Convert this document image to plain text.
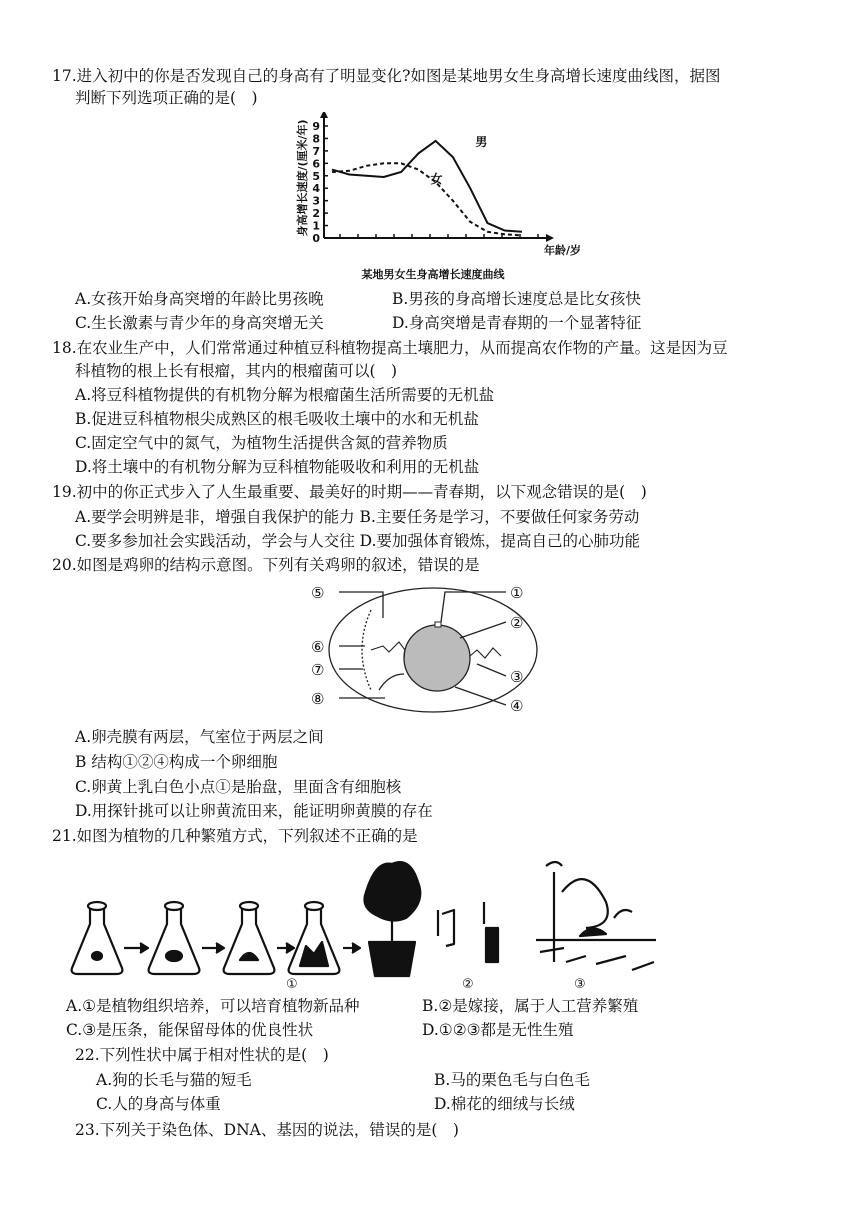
17.进入初中的你是否发现自己的身高有了明显变化?如图是某地男女生身高增长速度曲线图，据图
判断下列选项正确的是(　)
0
1
2
3
4
5
6
7
8
9
身高增长速度/(厘米/年)
年龄/岁
某地男女生身高增长速度曲线
男
女
A.女孩开始身高突增的年龄比男孩晚	B.男孩的身高增长速度总是比女孩快
C.生长激素与青少年的身高突增无关	D.身高突增是青春期的一个显著特征
18.在农业生产中，人们常常通过种植豆科植物提高土壤肥力，从而提高农作物的产量。这是因为豆
科植物的根上长有根瘤，其内的根瘤菌可以(　)
A.将豆科植物提供的有机物分解为根瘤菌生活所需要的无机盐
B.促进豆科植物根尖成熟区的根毛吸收土壤中的水和无机盐
C.固定空气中的氮气，为植物生活提供含氮的营养物质
D.将土壤中的有机物分解为豆科植物能吸收和利用的无机盐
19.初中的你正式步入了人生最重要、最美好的时期——青春期，以下观念错误的是(　)
A.要学会明辨是非，增强自我保护的能力 B.主要任务是学习，不要做任何家务劳动
C.要多参加社会实践活动，学会与人交往 D.要加强体育锻炼，提高自己的心肺功能
20.如图是鸡卵的结构示意图。下列有关鸡卵的叙述，错误的是
⑤	①
②
⑥
⑦	③
⑧	④
A.卵壳膜有两层，气室位于两层之间
B 结构①②④构成一个卵细胞
C.卵黄上乳白色小点①是胎盘，里面含有细胞核
D.用探针挑可以让卵黄流田来，能证明卵黄膜的存在
21.如图为植物的几种繁殖方式，下列叙述不正确的是
①	②	③
A.①是植物组织培养，可以培育植物新品种	B.②是嫁接，属于人工营养繁殖
C.③是压条，能保留母体的优良性状	D.①②③都是无性生殖
22.下列性状中属于相对性状的是(　)
A.狗的长毛与猫的短毛	B.马的栗色毛与白色毛
C.人的身高与体重	D.棉花的细绒与长绒
23.下列关于染色体、DNA、基因的说法，错误的是(　)
